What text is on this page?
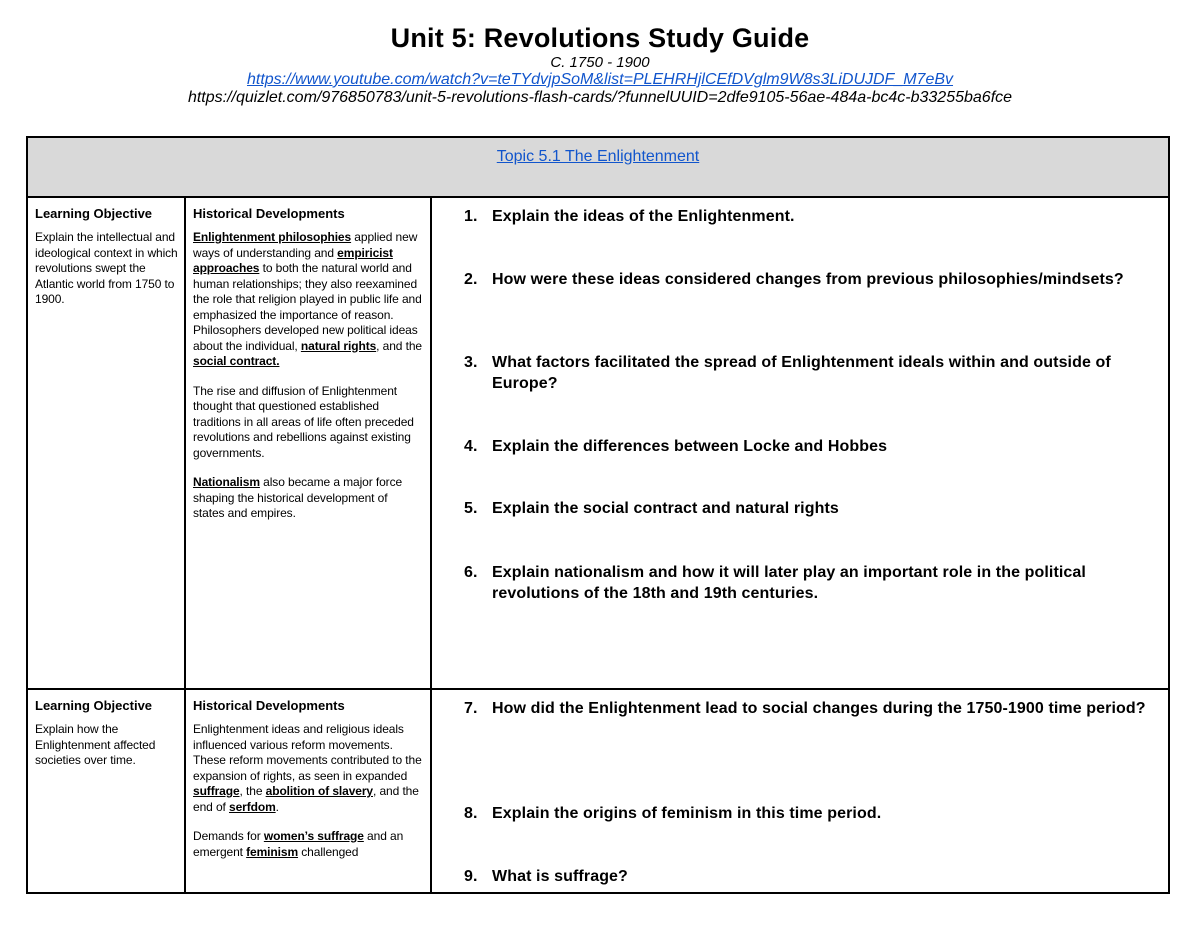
Unit 5: Revolutions Study Guide
C. 1750 - 1900
https://www.youtube.com/watch?v=teTYdvjpSoM&list=PLEHRHjlCEfDVglm9W8s3LiDUJDF_M7eBv
https://quizlet.com/976850783/unit-5-revolutions-flash-cards/?funnelUUID=2dfe9105-56ae-484a-bc4c-b33255ba6fce
Topic 5.1 The Enlightenment
Learning Objective
Explain the intellectual and ideological context in which revolutions swept the Atlantic world from 1750 to 1900.
Historical Developments

Enlightenment philosophies applied new ways of understanding and empiricist approaches to both the natural world and human relationships; they also reexamined the role that religion played in public life and emphasized the importance of reason. Philosophers developed new political ideas about the individual, natural rights, and the social contract.

The rise and diffusion of Enlightenment thought that questioned established traditions in all areas of life often preceded revolutions and rebellions against existing governments.

Nationalism also became a major force shaping the historical development of states and empires.

1. Explain the ideas of the Enlightenment.
2. How were these ideas considered changes from previous philosophies/mindsets?
3. What factors facilitated the spread of Enlightenment ideals within and outside of Europe?
4. Explain the differences between Locke and Hobbes
5. Explain the social contract and natural rights
6. Explain nationalism and how it will later play an important role in the political revolutions of the 18th and 19th centuries.
Learning Objective
Explain how the Enlightenment affected societies over time.
Historical Developments

Enlightenment ideas and religious ideals influenced various reform movements. These reform movements contributed to the expansion of rights, as seen in expanded suffrage, the abolition of slavery, and the end of serfdom.

Demands for women’s suffrage and an emergent feminism challenged

7. How did the Enlightenment lead to social changes during the 1750-1900 time period?
8. Explain the origins of feminism in this time period.
9. What is suffrage?
